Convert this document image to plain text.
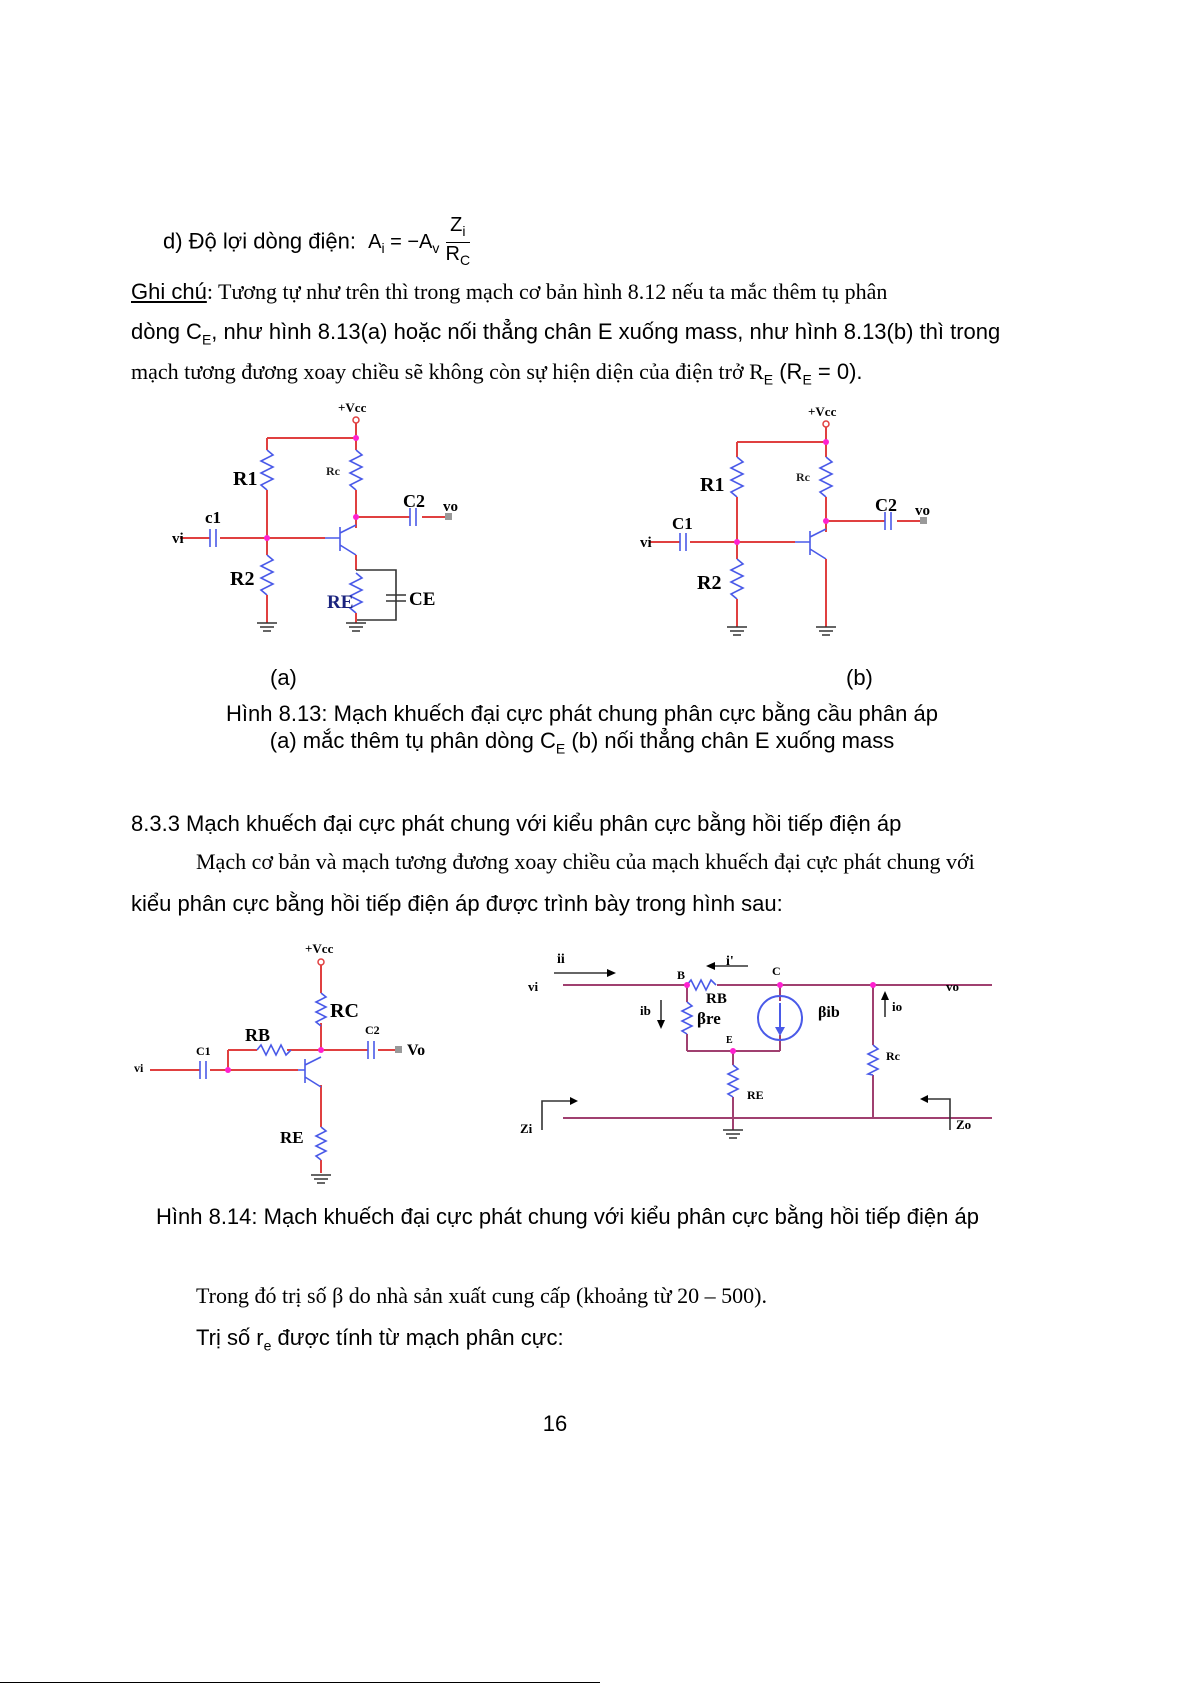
d) Độ lợi dòng điện: $A_i = -A_v \frac{Z_i}{R_C}$
Ghi chú: Tương tự như trên thì trong mạch cơ bản hình 8.12 nếu ta mắc thêm tụ phân
dòng $C_E$, như hình 8.13(a) hoặc nối thẳng chân E xuống mass, như hình 8.13(b) thì trong
mạch tương đương xoay chiều sẽ không còn sự hiện diện của điện trở $R_E$ $(R_E = 0)$.
+Vcc
R1
R2
Rc
c1
vi
C2 vo
RE	CE
+Vcc
R1
R2
Rc
C1
vi
C2 vo
(a)	(b)
Hình 8.13: Mạch khuếch đại cực phát chung phân cực bằng cầu phân áp
(a) mắc thêm tụ phân dòng $C_E$ (b) nối thẳng chân E xuống mass
8.3.3 Mạch khuếch đại cực phát chung với kiểu phân cực bằng hồi tiếp điện áp
Mạch cơ bản và mạch tương đương xoay chiều của mạch khuếch đại cực phát chung với
kiểu phân cực bằng hồi tiếp điện áp được trình bày trong hình sau:
+Vcc
RC
RB
C1
C2
Vo
vi
RE
ii
vi
B	C
i'
RB
ib	βre
E
βib	io
vo
Rc
RE
Zi	Zo
Hình 8.14: Mạch khuếch đại cực phát chung với kiểu phân cực bằng hồi tiếp điện áp
Trong đó trị số β do nhà sản xuất cung cấp (khoảng từ 20 – 500).
Trị số $r_e$ được tính từ mạch phân cực:
16
